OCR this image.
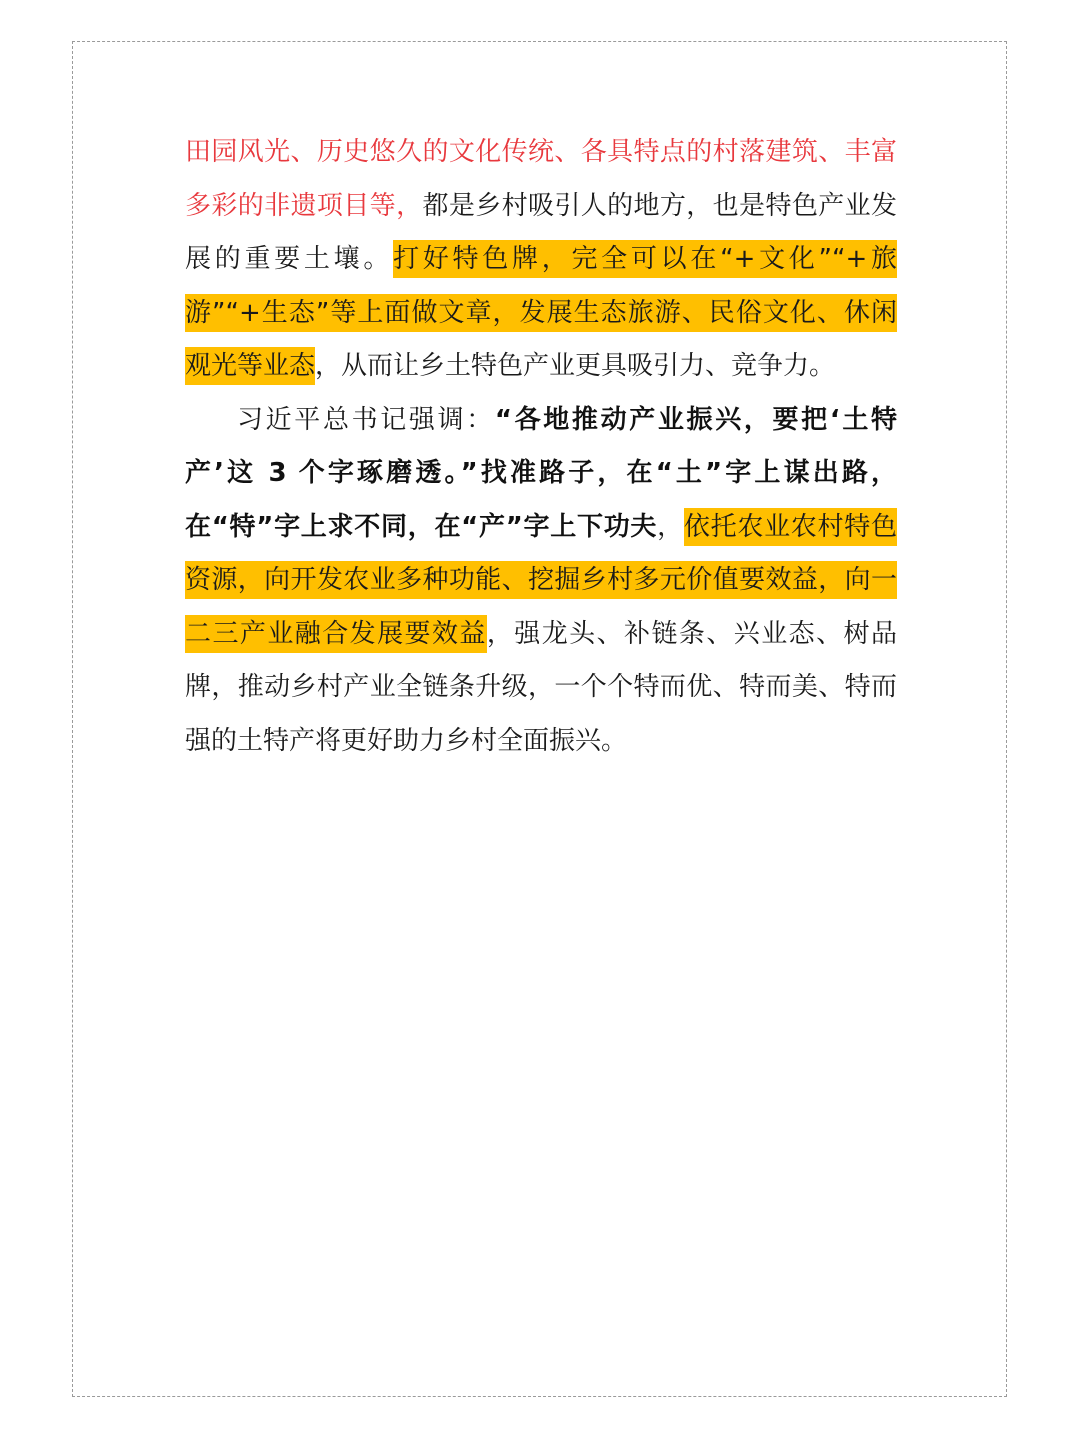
田园风光、历史悠久的文化传统、各具特点的村落建筑、丰富多彩的非遗项目等，都是乡村吸引人的地方，也是特色产业发展的重要土壤。打好特色牌，完全可以在“+文化”“+旅游”“+生态”等上面做文章，发展生态旅游、民俗文化、休闲观光等业态，从而让乡土特色产业更具吸引力、竞争力。

习近平总书记强调：“各地推动产业振兴，要把‘土特产’这 3 个字琢磨透。”找准路子，在“土”字上谋出路，在“特”字上求不同，在“产”字上下功夫，依托农业农村特色资源，向开发农业多种功能、挖掘乡村多元价值要效益，向一二三产业融合发展要效益，强龙头、补链条、兴业态、树品牌，推动乡村产业全链条升级，一个个特而优、特而美、特而强的土特产将更好助力乡村全面振兴。
